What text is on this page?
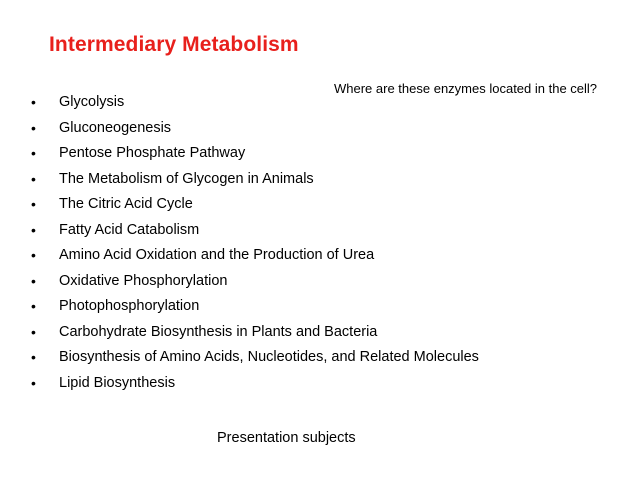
Intermediary Metabolism
Where are these enzymes located in the cell?
•	Glycolysis
•	Gluconeogenesis
•	Pentose Phosphate Pathway
•	The Metabolism of Glycogen in Animals
•	The Citric Acid Cycle
•	Fatty Acid Catabolism
•	Amino Acid Oxidation and the Production of Urea
•	Oxidative Phosphorylation
•	Photophosphorylation
•	Carbohydrate Biosynthesis in Plants and Bacteria
•	Biosynthesis of Amino Acids, Nucleotides, and Related Molecules
•	Lipid Biosynthesis
Presentation subjects
